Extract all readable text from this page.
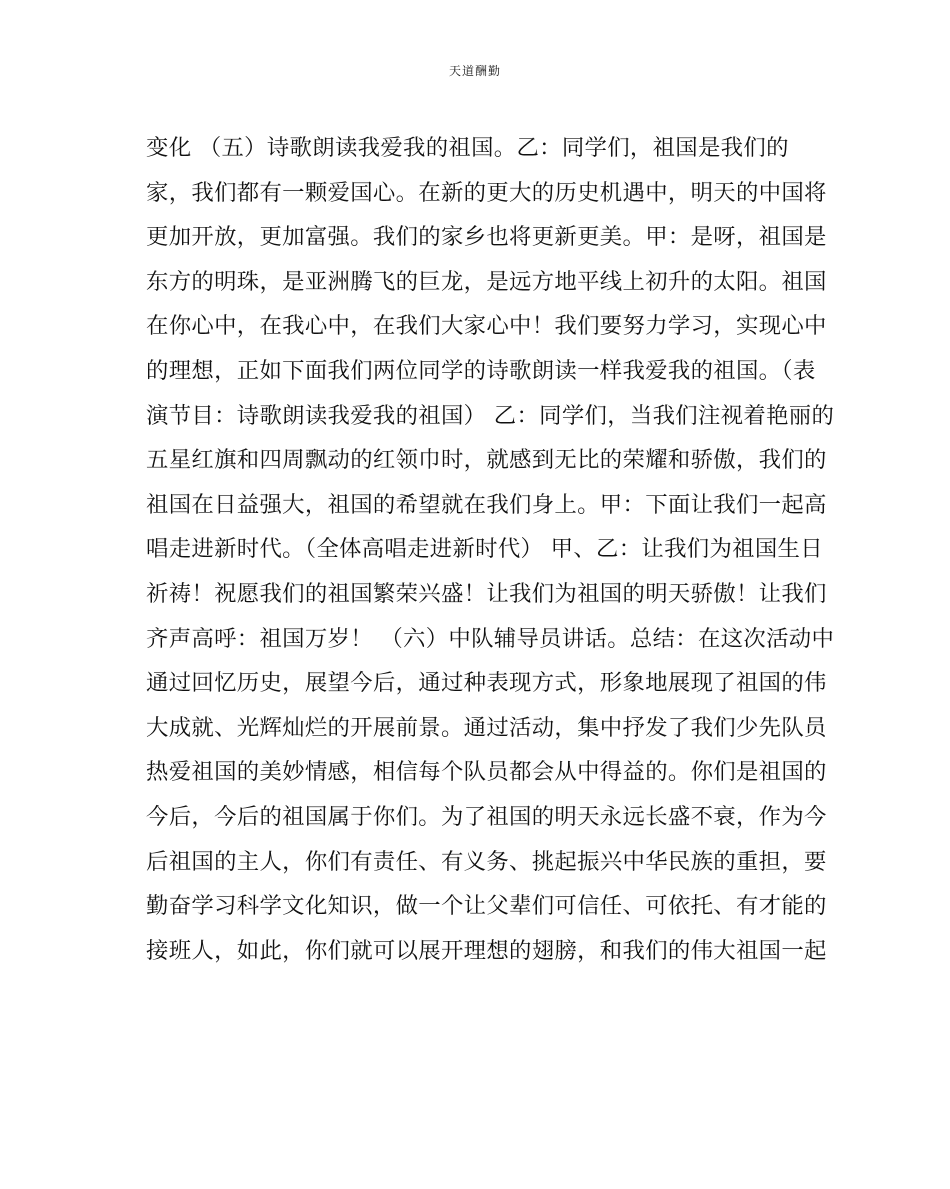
天道酬勤
变化 （五）诗歌朗读我爱我的祖国。乙：同学们，祖国是我们的
家，我们都有一颗爱国心。在新的更大的历史机遇中，明天的中国将
更加开放，更加富强。我们的家乡也将更新更美。甲：是呀，祖国是
东方的明珠，是亚洲腾飞的巨龙，是远方地平线上初升的太阳。祖国
在你心中，在我心中，在我们大家心中！我们要努力学习，实现心中
的理想，正如下面我们两位同学的诗歌朗读一样我爱我的祖国。（表
演节目：诗歌朗读我爱我的祖国） 乙：同学们，当我们注视着艳丽的
五星红旗和四周飘动的红领巾时，就感到无比的荣耀和骄傲，我们的
祖国在日益强大，祖国的希望就在我们身上。甲：下面让我们一起高
唱走进新时代。（全体高唱走进新时代） 甲、乙：让我们为祖国生日
祈祷！祝愿我们的祖国繁荣兴盛！让我们为祖国的明天骄傲！让我们
齐声高呼：祖国万岁！ （六）中队辅导员讲话。总结：在这次活动中
通过回忆历史，展望今后，通过种表现方式，形象地展现了祖国的伟
大成就、光辉灿烂的开展前景。通过活动，集中抒发了我们少先队员
热爱祖国的美妙情感，相信每个队员都会从中得益的。你们是祖国的
今后，今后的祖国属于你们。为了祖国的明天永远长盛不衰，作为今
后祖国的主人，你们有责任、有义务、挑起振兴中华民族的重担，要
勤奋学习科学文化知识，做一个让父辈们可信任、可依托、有才能的
接班人，如此，你们就可以展开理想的翅膀，和我们的伟大祖国一起
